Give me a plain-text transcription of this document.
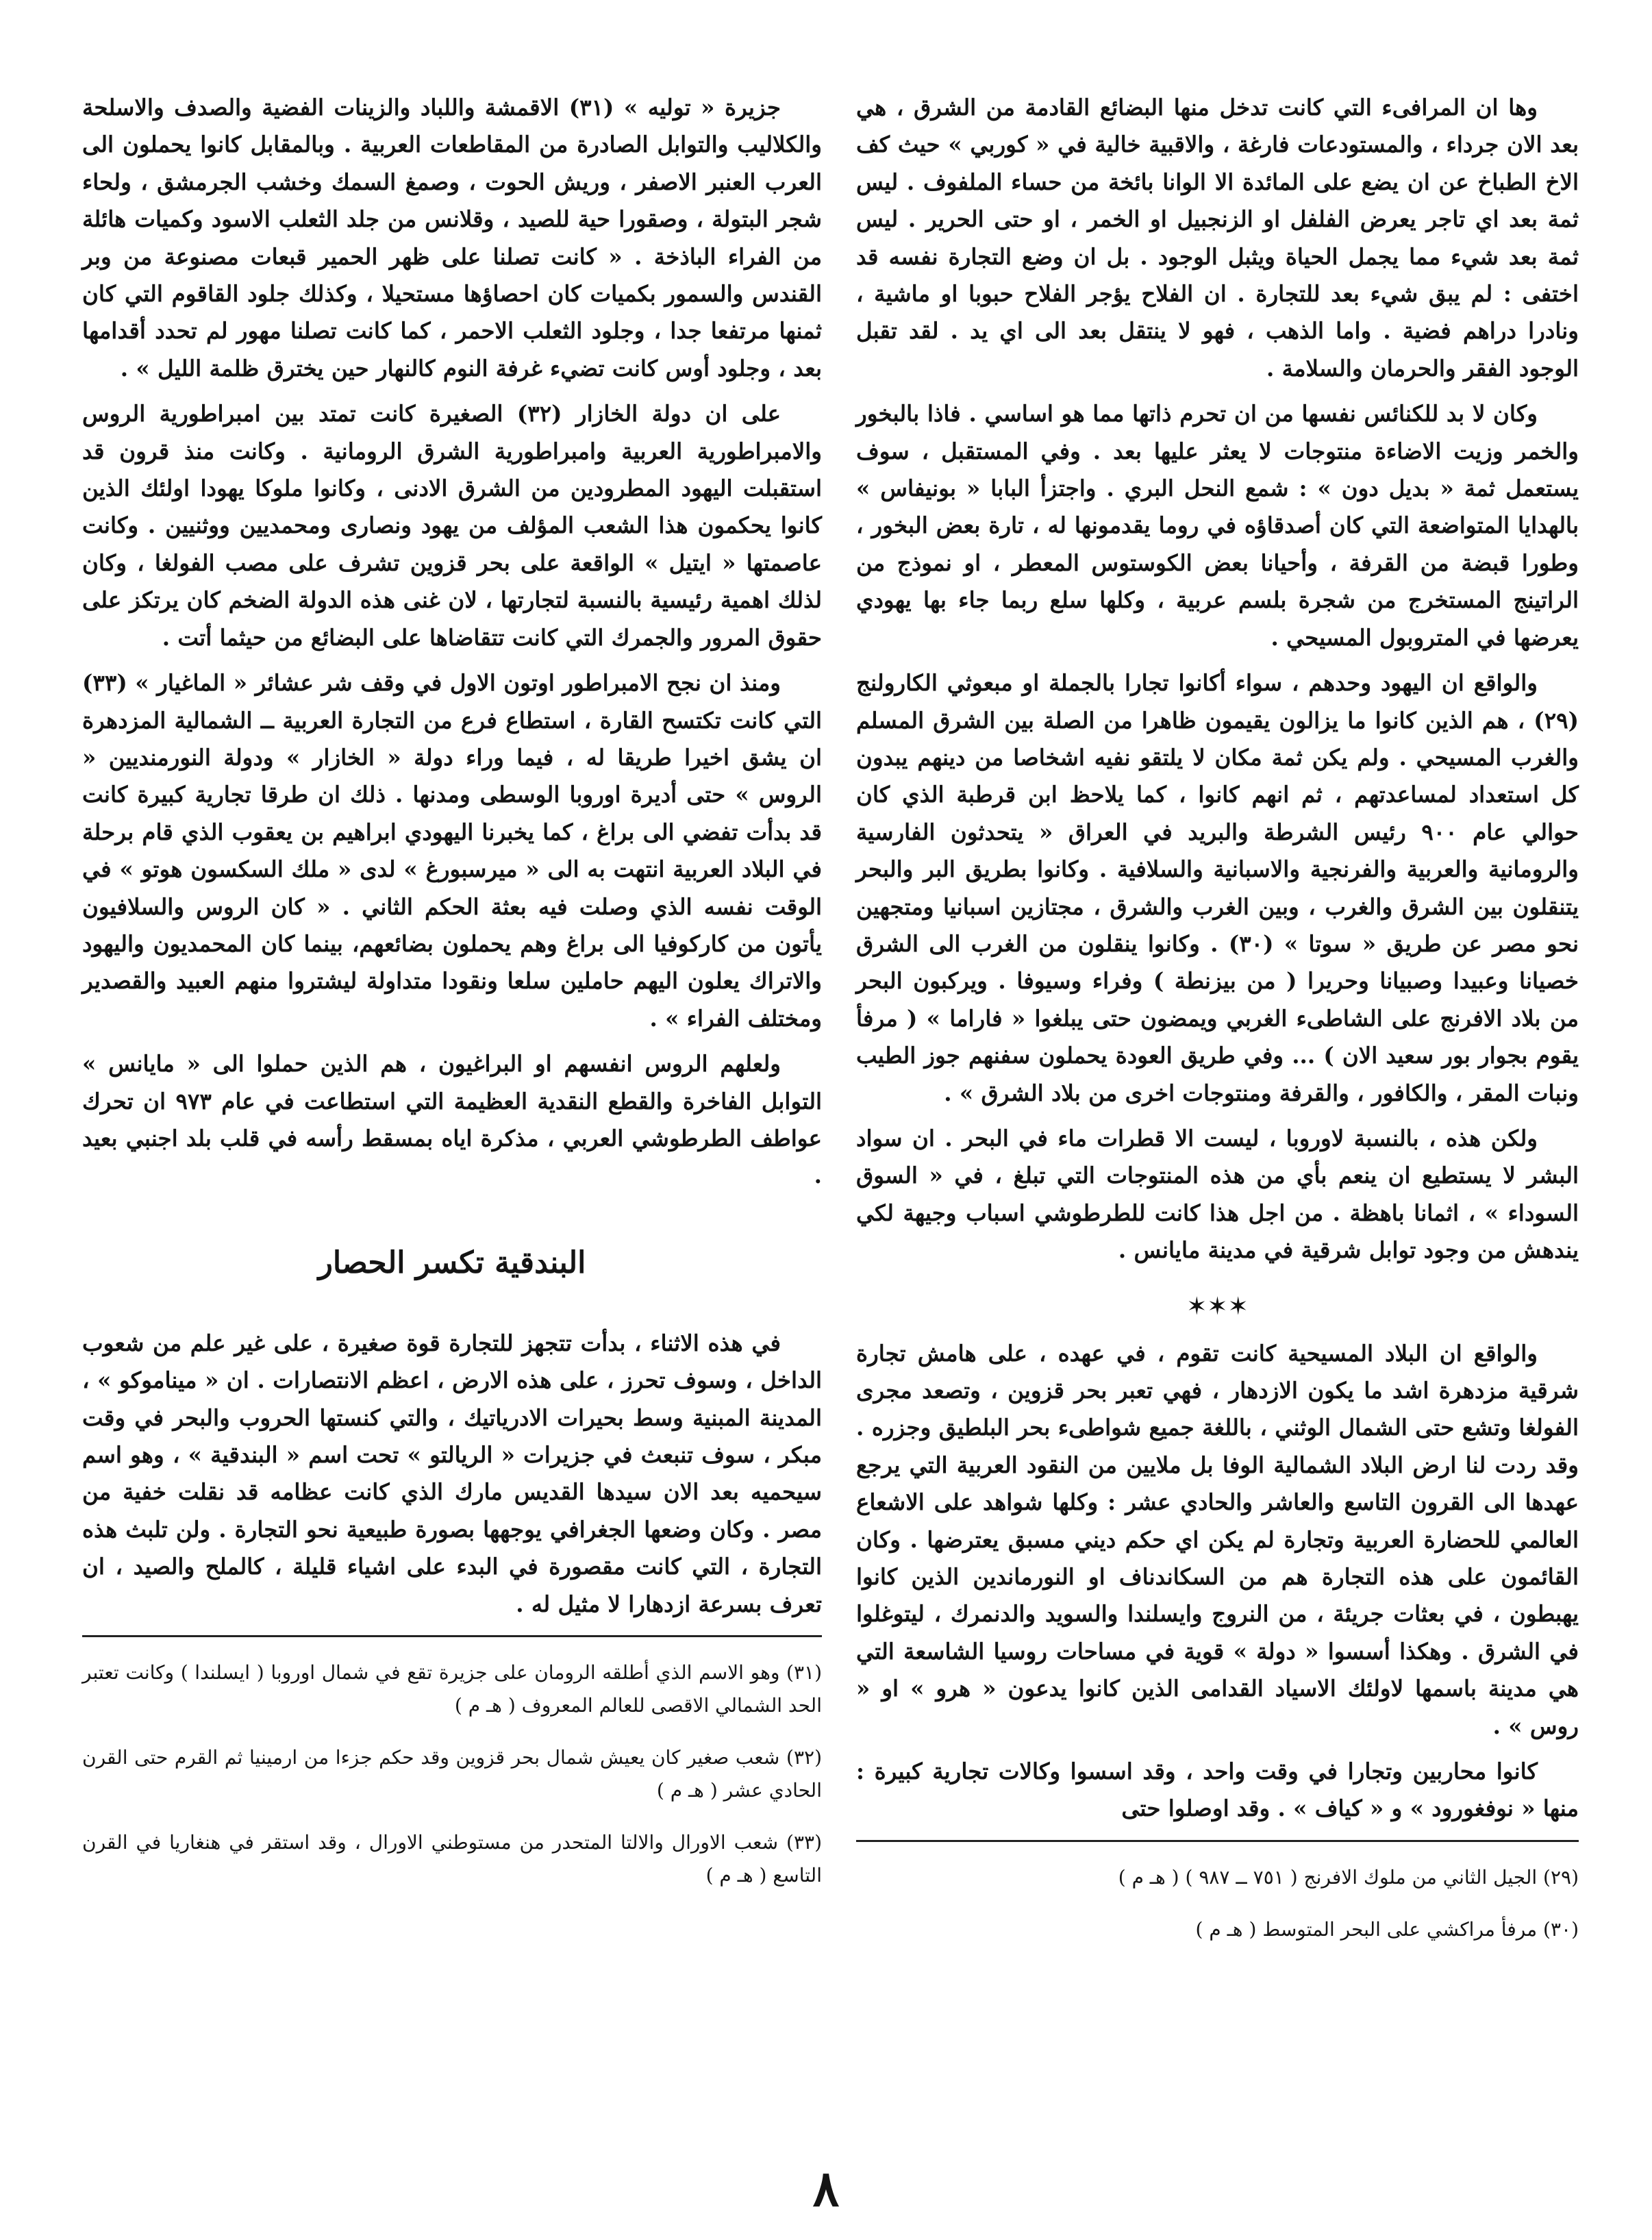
وها ان المرافىء التي كانت تدخل منها البضائع القادمة من الشرق ، هي بعد الان جرداء ، والمستودعات فارغة ، والاقبية خالية في « كوربي » حيث كف الاخ الطباخ عن ان يضع على المائدة الا الوانا بائخة من حساء الملفوف . ليس ثمة بعد اي تاجر يعرض الفلفل او الزنجبيل او الخمر ، او حتى الحرير . ليس ثمة بعد شيء مما يجمل الحياة ويثبل الوجود . بل ان وضع التجارة نفسه قد اختفى : لم يبق شيء بعد للتجارة . ان الفلاح يؤجر الفلاح حبوبا او ماشية ، ونادرا دراهم فضية . واما الذهب ، فهو لا ينتقل بعد الى اي يد . لقد تقبل الوجود الفقر والحرمان والسلامة .

وكان لا بد للكنائس نفسها من ان تحرم ذاتها مما هو اساسي . فاذا بالبخور والخمر وزيت الاضاءة منتوجات لا يعثر عليها بعد . وفي المستقبل ، سوف يستعمل ثمة « بديل دون » : شمع النحل البري . واجتزأ البابا « بونيفاس » بالهدايا المتواضعة التي كان أصدقاؤه في روما يقدمونها له ، تارة بعض البخور ، وطورا قبضة من القرفة ، وأحيانا بعض الكوستوس المعطر ، او نموذج من الراتينج المستخرج من شجرة بلسم عربية ، وكلها سلع ربما جاء بها يهودي يعرضها في المتروبول المسيحي .

والواقع ان اليهود وحدهم ، سواء أكانوا تجارا بالجملة او مبعوثي الكارولنج (٢٩) ، هم الذين كانوا ما يزالون يقيمون ظاهرا من الصلة بين الشرق المسلم والغرب المسيحي . ولم يكن ثمة مكان لا يلتقو نفيه اشخاصا من دينهم يبدون كل استعداد لمساعدتهم ، ثم انهم كانوا ، كما يلاحظ ابن قرطبة الذي كان حوالي عام ٩٠٠ رئيس الشرطة والبريد في العراق « يتحدثون الفارسية والرومانية والعربية والفرنجية والاسبانية والسلافية . وكانوا بطريق البر والبحر يتنقلون بين الشرق والغرب ، وبين الغرب والشرق ، مجتازين اسبانيا ومتجهين نحو مصر عن طريق « سوتا » (٣٠) . وكانوا ينقلون من الغرب الى الشرق خصيانا وعبيدا وصبيانا وحريرا ( من بيزنطة ) وفراء وسيوفا . ويركبون البحر من بلاد الافرنج على الشاطىء الغربي ويمضون حتى يبلغوا « فاراما » ( مرفأ يقوم بجوار بور سعيد الان ) ... وفي طريق العودة يحملون سفنهم جوز الطيب ونبات المقر ، والكافور ، والقرفة ومنتوجات اخرى من بلاد الشرق » .

ولكن هذه ، بالنسبة لاوروبا ، ليست الا قطرات ماء في البحر . ان سواد البشر لا يستطيع ان ينعم بأي من هذه المنتوجات التي تبلغ ، في « السوق السوداء » ، اثمانا باهظة . من اجل هذا كانت للطرطوشي اسباب وجيهة لكي يندهش من وجود توابل شرقية في مدينة مايانس .

✶✶✶

والواقع ان البلاد المسيحية كانت تقوم ، في عهده ، على هامش تجارة شرقية مزدهرة اشد ما يكون الازدهار ، فهي تعبر بحر قزوين ، وتصعد مجرى الفولغا وتشع حتى الشمال الوثني ، باللغة جميع شواطىء بحر البلطيق وجزره . وقد ردت لنا ارض البلاد الشمالية الوفا بل ملايين من النقود العربية التي يرجع عهدها الى القرون التاسع والعاشر والحادي عشر : وكلها شواهد على الاشعاع العالمي للحضارة العربية وتجارة لم يكن اي حكم ديني مسبق يعترضها . وكان القائمون على هذه التجارة هم من السكاندناف او النورماندين الذين كانوا يهبطون ، في بعثات جريئة ، من النروج وايسلندا والسويد والدنمرك ، ليتوغلوا في الشرق . وهكذا أسسوا « دولة » قوية في مساحات روسيا الشاسعة التي هي مدينة باسمها لاولئك الاسياد القدامى الذين كانوا يدعون « هرو » او « روس » .

كانوا محاربين وتجارا في وقت واحد ، وقد اسسوا وكالات تجارية كبيرة : منها « نوفغورود » و « كياف » . وقد اوصلوا حتى

(٢٩) الجيل الثاني من ملوك الافرنج ( ٧٥١ ــ ٩٨٧ ) ( هـ م )

(٣٠) مرفأ مراكشي على البحر المتوسط ( هـ م )

جزيرة « توليه » (٣١) الاقمشة واللباد والزينات الفضية والصدف والاسلحة والكلاليب والتوابل الصادرة من المقاطعات العربية . وبالمقابل كانوا يحملون الى العرب العنبر الاصفر ، وريش الحوت ، وصمغ السمك وخشب الجرمشق ، ولحاء شجر البتولة ، وصقورا حية للصيد ، وقلانس من جلد الثعلب الاسود وكميات هائلة من الفراء الباذخة . « كانت تصلنا على ظهر الحمير قبعات مصنوعة من وبر القندس والسمور بكميات كان احصاؤها مستحيلا ، وكذلك جلود القاقوم التي كان ثمنها مرتفعا جدا ، وجلود الثعلب الاحمر ، كما كانت تصلنا مهور لم تحدد أقدامها بعد ، وجلود أوس كانت تضيء غرفة النوم كالنهار حين يخترق ظلمة الليل » .

على ان دولة الخازار (٣٢) الصغيرة كانت تمتد بين امبراطورية الروس والامبراطورية العربية وامبراطورية الشرق الرومانية . وكانت منذ قرون قد استقبلت اليهود المطرودين من الشرق الادنى ، وكانوا ملوكا يهودا اولئك الذين كانوا يحكمون هذا الشعب المؤلف من يهود ونصارى ومحمديين ووثنيين . وكانت عاصمتها « ايتيل » الواقعة على بحر قزوين تشرف على مصب الفولغا ، وكان لذلك اهمية رئيسية بالنسبة لتجارتها ، لان غنى هذه الدولة الضخم كان يرتكز على حقوق المرور والجمرك التي كانت تتقاضاها على البضائع من حيثما أتت .

ومنذ ان نجح الامبراطور اوتون الاول في وقف شر عشائر « الماغيار » (٣٣) التي كانت تكتسح القارة ، استطاع فرع من التجارة العربية ــ الشمالية المزدهرة ان يشق اخيرا طريقا له ، فيما وراء دولة « الخازار » ودولة النورمنديين « الروس » حتى أديرة اوروبا الوسطى ومدنها . ذلك ان طرقا تجارية كبيرة كانت قد بدأت تفضي الى براغ ، كما يخبرنا اليهودي ابراهيم بن يعقوب الذي قام برحلة في البلاد العربية انتهت به الى « ميرسبورغ » لدى « ملك السكسون هوتو » في الوقت نفسه الذي وصلت فيه بعثة الحكم الثاني . « كان الروس والسلافيون يأتون من كاركوفيا الى براغ وهم يحملون بضائعهم، بينما كان المحمديون واليهود والاتراك يعلون اليهم حاملين سلعا ونقودا متداولة ليشتروا منهم العبيد والقصدير ومختلف الفراء » .

ولعلهم الروس انفسهم او البراغيون ، هم الذين حملوا الى « مايانس » التوابل الفاخرة والقطع النقدية العظيمة التي استطاعت في عام ٩٧٣ ان تحرك عواطف الطرطوشي العربي ، مذكرة اياه بمسقط رأسه في قلب بلد اجنبي بعيد .

البندقية تكسر الحصار

في هذه الاثناء ، بدأت تتجهز للتجارة قوة صغيرة ، على غير علم من شعوب الداخل ، وسوف تحرز ، على هذه الارض ، اعظم الانتصارات . ان « ميناموكو » ، المدينة المبنية وسط بحيرات الادرياتيك ، والتي كنستها الحروب والبحر في وقت مبكر ، سوف تنبعث في جزيرات « الريالتو » تحت اسم « البندقية » ، وهو اسم سيحميه بعد الان سيدها القديس مارك الذي كانت عظامه قد نقلت خفية من مصر . وكان وضعها الجغرافي يوجهها بصورة طبيعية نحو التجارة . ولن تلبث هذه التجارة ، التي كانت مقصورة في البدء على اشياء قليلة ، كالملح والصيد ، ان تعرف بسرعة ازدهارا لا مثيل له .

(٣١) وهو الاسم الذي أطلقه الرومان على جزيرة تقع في شمال اوروبا ( ايسلندا ) وكانت تعتبر الحد الشمالي الاقصى للعالم المعروف ( هـ م )

(٣٢) شعب صغير كان يعيش شمال بحر قزوين وقد حكم جزءا من ارمينيا ثم القرم حتى القرن الحادي عشر ( هـ م )

(٣٣) شعب الاورال والالتا المتحدر من مستوطني الاورال ، وقد استقر في هنغاريا في القرن التاسع ( هـ م )

٨
